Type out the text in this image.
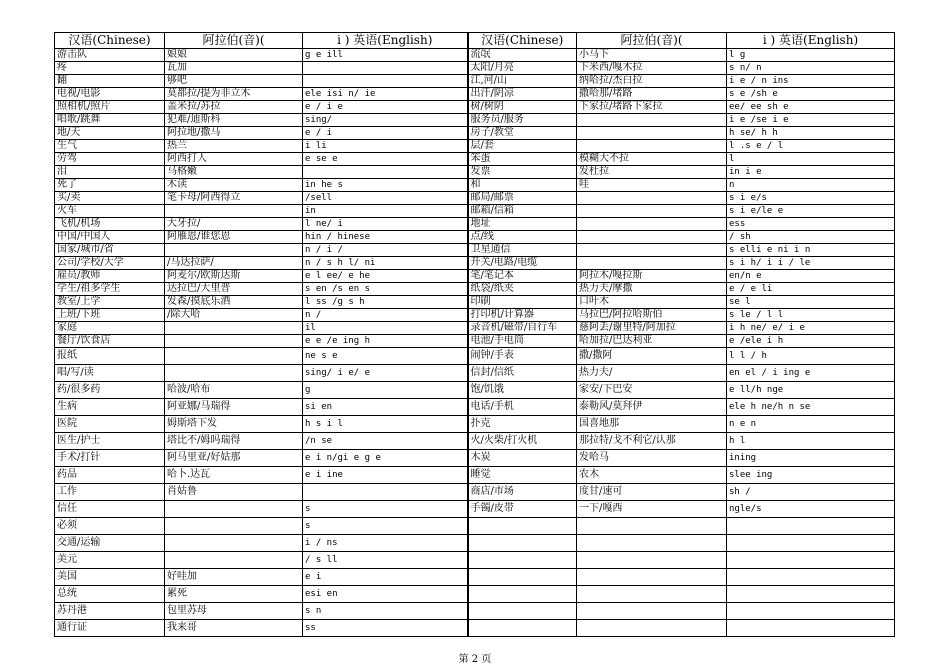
汉语(Chinese)	阿拉伯(音)(	i ) 英语(English)	汉语(Chinese)	阿拉伯(音)(	i ) 英语(English)
游击队	娘娘	g e ill	流氓	小马下	l g
疼	瓦加		太阳/月亮	下米西/嘎木拉	s n/ n
翻	够吧		江,河/山	纳哈拉/杰白拉	i e / n ins
电视/电影	莫都拉/提为非立木	ele isi n/ ie	出汗/阴凉	撒哈那/堵路	s e /sh e
照相机/照片	盖米拉/苏拉	e / i e	树/树阴	下家拉/堵路下家拉	ee/ ee sh e
唱歌/跳舞	犯难/迪斯科	sing/	服务员/服务		i e /se i e
地/天	阿拉地/撒马	e / i	房子/教堂		h se/ h h
生气	热兰	i li	层/套		l .s e / l
劳驾	阿西打人	e se e	笨蛋	模糊大不拉	l
泪	马格嫩		发票	发杜拉	in i e
死了	木读	in he s	和	哇	n
买/卖	笔卡母/阿西得立	/sell	邮局/邮票		s i e/s
火车		in	邮箱/信箱		s i e/le e
飞机/机场	大牙拉/	l ne/ i	地址		ess
中国/中国人	阿雁恩/谁您恩	hin / hinese	点/线		/ sh
国家/城市/省		n / i /	卫星通信		s elli e ni i n
公司/学校/大学	/马达拉萨/	n / s h l/ ni	开关/电路/电缆		s i h/ i i / le
雇员/教师	阿麦尔/欧斯达斯	e l ee/ e he	笔/笔记本	阿拉木/嘎拉斯	en/n e
学生/祖多学生	达拉巴/大里普	s en /s en s	纸袋/纸夹	热力夫/摩撒	e / e li
教室/上学	发森/摸底乐酒	l ss /g s h	印刷	口叶木	se l
上班/下班	/除大哈	n /	打印机/计算器	马拉巴/阿拉哈斯伯	s le / l l
家庭		il	录音机/磁带/自行车	慈阿丢/谢里特/阿加拉	i h ne/ e/ i e
餐厅/饮食店		e e /e ing h	电池/手电筒	哈加拉/巴达利亚	e /ele i h
报纸		ne s e	闹钟/手表	撒/撒阿	l l / h
唱/写/读		sing/ i e/ e	信封/信纸	热力夫/	en el / i ing e
药/很多药	哈波/哈布	g	饱/饥饿	家安/下巴安	e ll/h nge
生病	阿亚娜/马瑞得	si en	电话/手机	泰勒风/莫拜伊	ele h ne/h n se
医院	姆斯塔下发	h s i l	扑克	国喜地那	n e n
医生/护士	塔比不/姆吗瑞得	/n se	火/火柴/打火机	那拉特/戈不利它/认那	h l
手术/打针	阿马里亚/好姑那	e i n/gi e g e	木炭	发哈马	ining
药品	哈卜.达瓦	e i ine	睡觉	农木	slee ing
工作	肖姑鲁		商店/市场	度甘/速可	sh /
信任		s	手镯/皮带	一下/嘎西	ngle/s
必须		s			
交通/运输		i / ns			
美元		/ s ll			
美国	好哇加	e i			
总统	累死	esi en			
苏丹港	包里苏母	s n			
通行证	我来哥	ss			
第 2 页
